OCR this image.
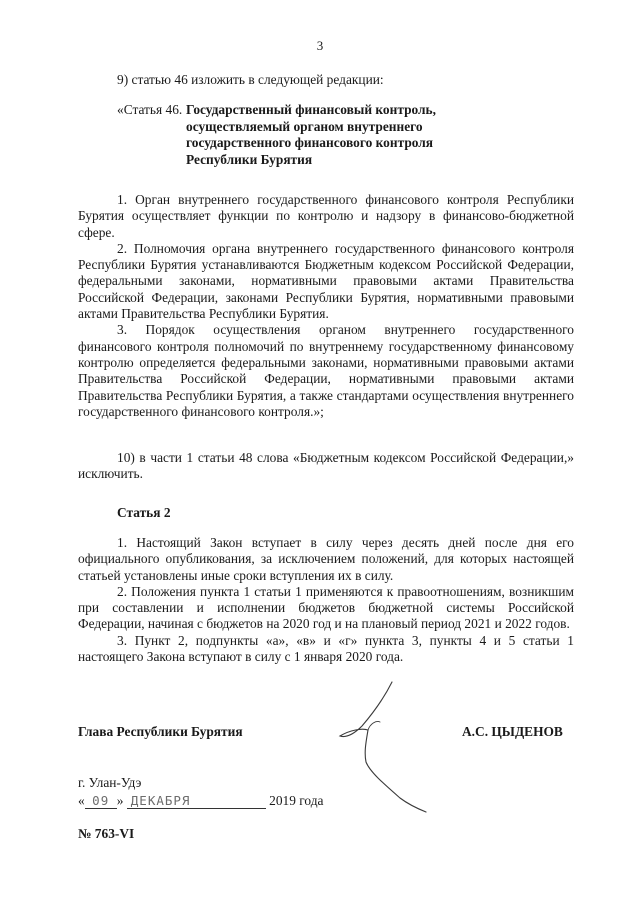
3
9) статью 46 изложить в следующей редакции:
«Статья 46. Государственный финансовый контроль,
осуществляемый органом внутреннего
государственного финансового контроля
Республики Бурятия

1. Орган внутреннего государственного финансового контроля Республики Бурятия осуществляет функции по контролю и надзору в финансово-бюджетной сфере.

2. Полномочия органа внутреннего государственного финансового контроля Республики Бурятия устанавливаются Бюджетным кодексом Российской Федерации, федеральными законами, нормативными правовыми актами Правительства Российской Федерации, законами Республики Бурятия, нормативными правовыми актами Правительства Республики Бурятия.

3. Порядок осуществления органом внутреннего государственного финансового контроля полномочий по внутреннему государственному финансовому контролю определяется федеральными законами, нормативными правовыми актами Правительства Российской Федерации, нормативными правовыми актами Правительства Республики Бурятия, а также стандартами осуществления внутреннего государственного финансового контроля.»;

10) в части 1 статьи 48 слова «Бюджетным кодексом Российской Федерации,» исключить.

Статья 2

1. Настоящий Закон вступает в силу через десять дней после дня его официального опубликования, за исключением положений, для которых настоящей статьей установлены иные сроки вступления их в силу.

2. Положения пункта 1 статьи 1 применяются к правоотношениям, возникшим при составлении и исполнении бюджетов бюджетной системы Российской Федерации, начиная с бюджетов на 2020 год и на плановый период 2021 и 2022 годов.

3. Пункт 2, подпункты «а», «в» и «г» пункта 3, пункты 4 и 5 статьи 1 настоящего Закона вступают в силу с 1 января 2020 года.

Глава Республики Бурятия	А.С. ЦЫДЕНОВ
г. Улан-Удэ
« 09 » ДЕКАБРЯ	2019 года
№ 763-VI
